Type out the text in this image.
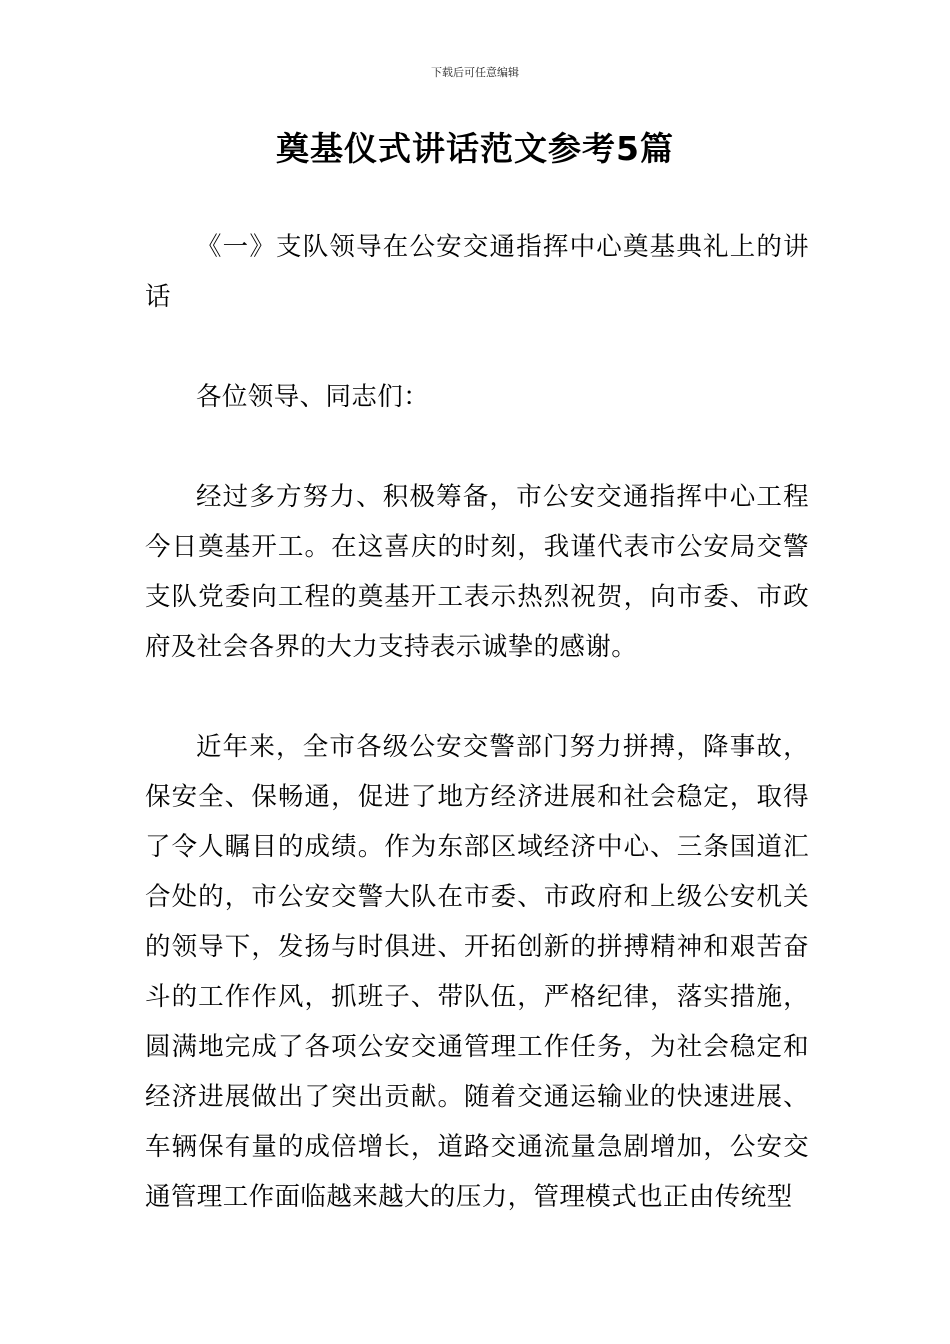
下载后可任意编辑
奠基仪式讲话范文参考5篇

《一》支队领导在公安交通指挥中心奠基典礼上的讲话

各位领导、同志们：

经过多方努力、积极筹备，市公安交通指挥中心工程今日奠基开工。在这喜庆的时刻，我谨代表市公安局交警支队党委向工程的奠基开工表示热烈祝贺，向市委、市政府及社会各界的大力支持表示诚挚的感谢。

近年来，全市各级公安交警部门努力拼搏，降事故，保安全、保畅通，促进了地方经济进展和社会稳定，取得了令人瞩目的成绩。作为东部区域经济中心、三条国道汇合处的，市公安交警大队在市委、市政府和上级公安机关的领导下，发扬与时俱进、开拓创新的拼搏精神和艰苦奋斗的工作作风，抓班子、带队伍，严格纪律，落实措施，圆满地完成了各项公安交通管理工作任务，为社会稳定和经济进展做出了突出贡献。随着交通运输业的快速进展、车辆保有量的成倍增长，道路交通流量急剧增加，公安交通管理工作面临越来越大的压力，管理模式也正由传统型
